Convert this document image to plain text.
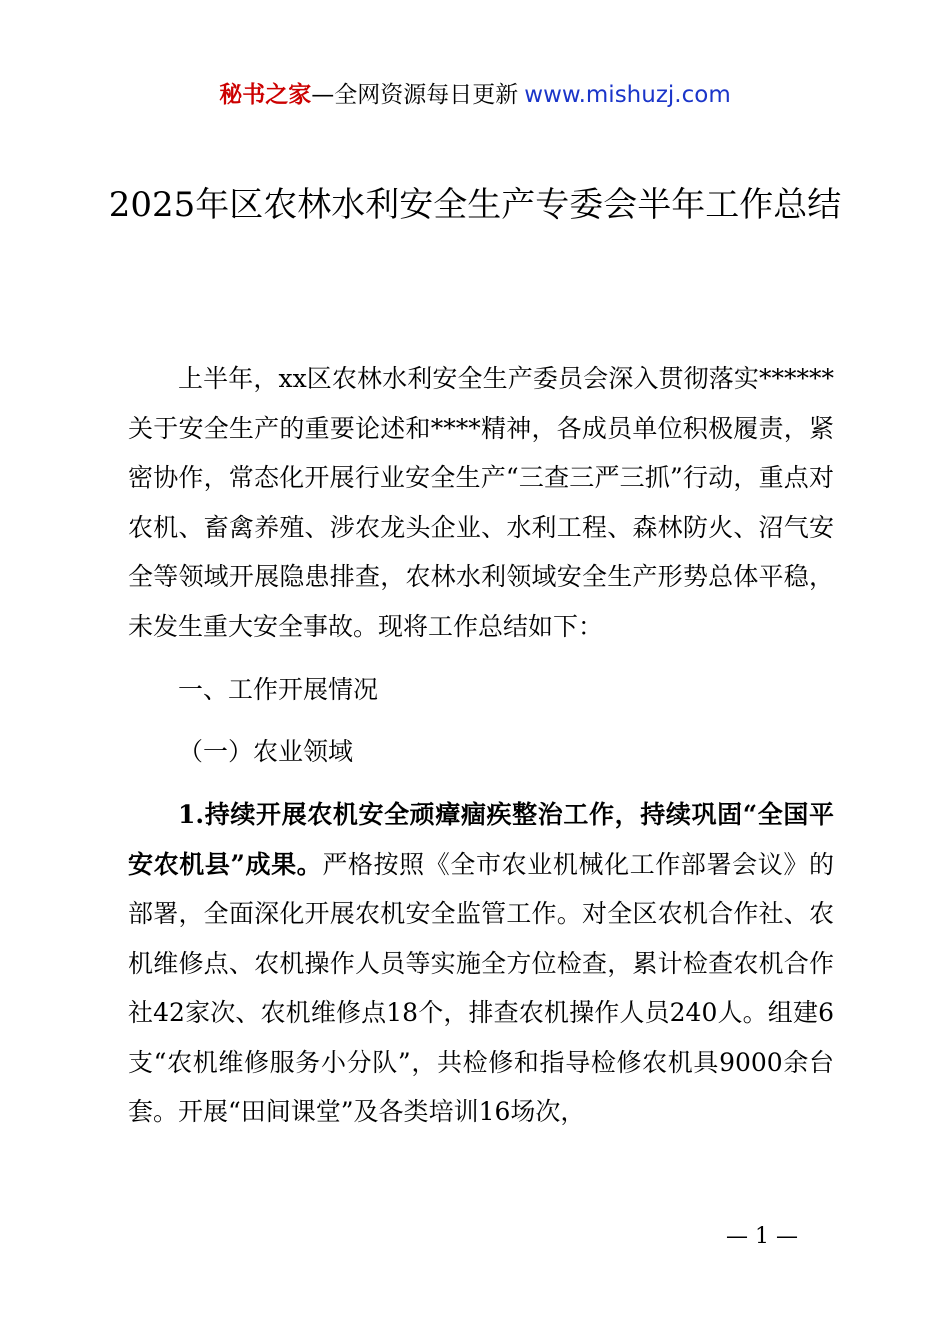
秘书之家—全网资源每日更新 www.mishuzj.com
2025年区农林水利安全生产专委会半年工作总结

上半年，xx区农林水利安全生产委员会深入贯彻落实******关于安全生产的重要论述和****精神，各成员单位积极履责，紧密协作，常态化开展行业安全生产“三查三严三抓”行动，重点对农机、畜禽养殖、涉农龙头企业、水利工程、森林防火、沼气安全等领域开展隐患排查，农林水利领域安全生产形势总体平稳，未发生重大安全事故。现将工作总结如下：

一、工作开展情况

（一）农业领域

1.持续开展农机安全顽瘴痼疾整治工作，持续巩固“全国平安农机县”成果。严格按照《全市农业机械化工作部署会议》的部署，全面深化开展农机安全监管工作。对全区农机合作社、农机维修点、农机操作人员等实施全方位检查，累计检查农机合作社42家次、农机维修点18个，排查农机操作人员240人。组建6支“农机维修服务小分队”，共检修和指导检修农机具9000余台套。开展“田间课堂”及各类培训16场次，

— 1 —
